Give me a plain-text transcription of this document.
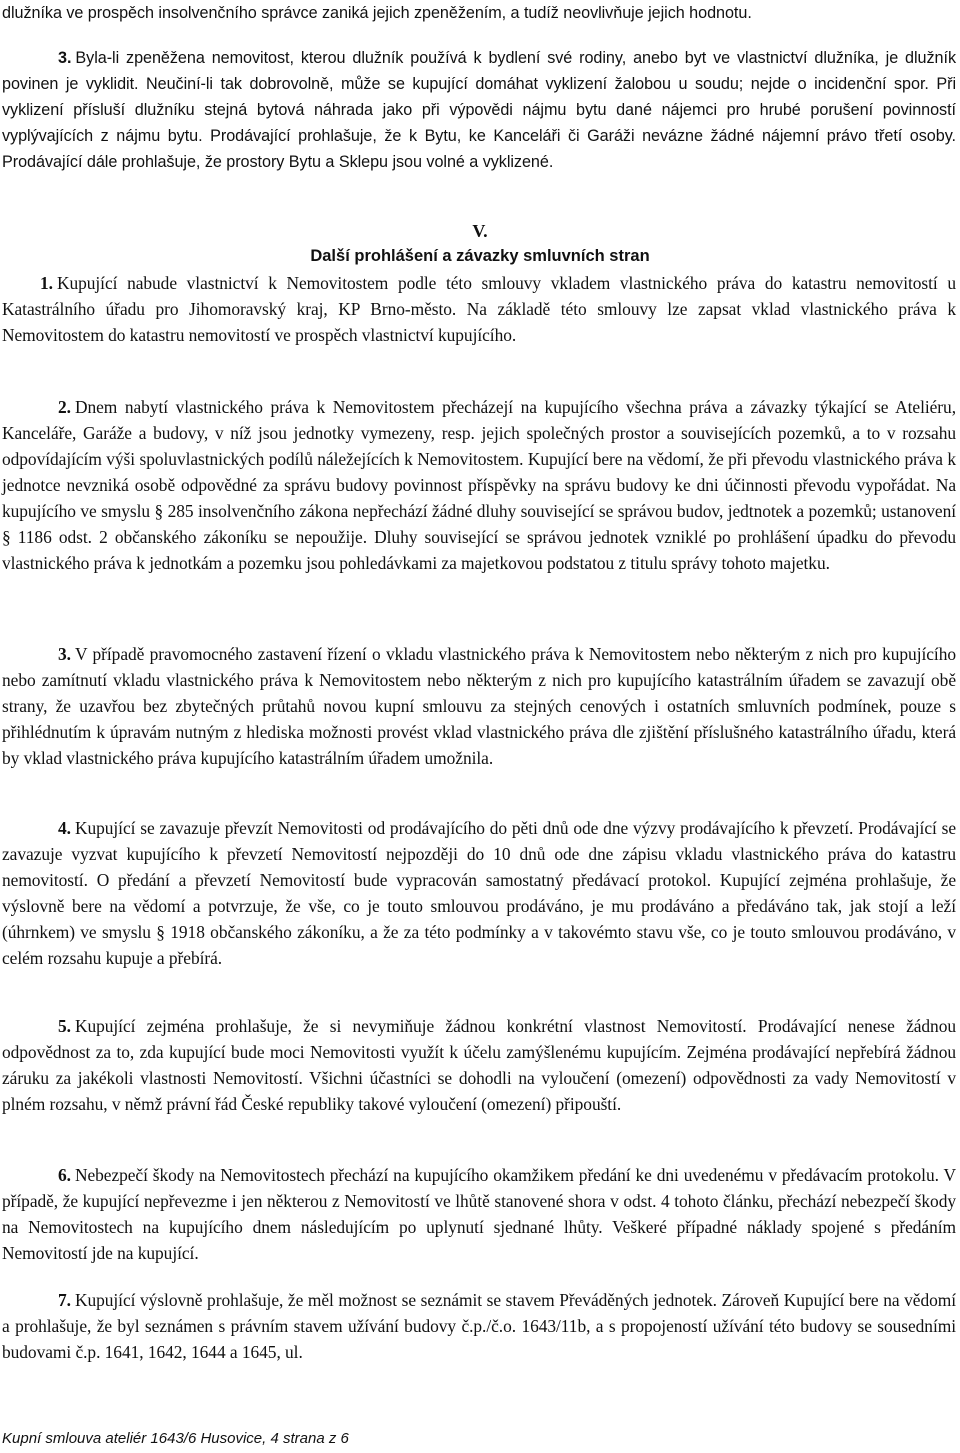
dlužníka ve prospěch insolvenčního správce zaniká jejich zpeněžením, a tudíž neovlivňuje jejich hodnotu.

3. Byla-li zpeněžena nemovitost, kterou dlužník používá k bydlení své rodiny, anebo byt ve vlastnictví dlužníka, je dlužník povinen je vyklidit. Neučiní-li tak dobrovolně, může se kupující domáhat vyklizení žalobou u soudu; nejde o incidenční spor. Při vyklizení přísluší dlužníku stejná bytová náhrada jako při výpovědi nájmu bytu dané nájemci pro hrubé porušení povinností vyplývajících z nájmu bytu. Prodávající prohlašuje, že k Bytu, ke Kanceláři či Garáži neváznе žádné nájemní právo třetí osoby. Prodávající dále prohlašuje, že prostory Bytu a Sklepu jsou volné a vyklizené.

V.

Další prohlášení a závazky smluvních stran

1. Kupující nabude vlastnictví k Nemovitostem podle této smlouvy vkladem vlastnického práva do katastru nemovitostí u Katastrálního úřadu pro Jihomoravský kraj, KP Brno-město. Na základě této smlouvy lze zapsat vklad vlastnického práva k Nemovitostem do katastru nemovitostí ve prospěch vlastnictví kupujícího.

2. Dnem nabytí vlastnického práva k Nemovitostem přecházejí na kupujícího všechna práva a závazky týkající se Ateliéru, Kanceláře, Garáže a budovy, v níž jsou jednotky vymezeny, resp. jejich společných prostor a souvisejících pozemků, a to v rozsahu odpovídajícím výši spoluvlastnických podílů náležejících k Nemovitostem. Kupující bere na vědomí, že při převodu vlastnického práva k jednotce nevzniká osobě odpovědné za správu budovy povinnost příspěvky na správu budovy ke dni účinnosti převodu vypořádat. Na kupujícího ve smyslu § 285 insolvenčního zákona nepřechází žádné dluhy související se správou budov, jedtnotek a pozemků; ustanovení § 1186 odst. 2 občanského zákoníku se nepoužije. Dluhy související se správou jednotek vzniklé po prohlášení úpadku do převodu vlastnického práva k jednotkám a pozemku jsou pohledávkami za majetkovou podstatou z titulu správy tohoto majetku.

3. V případě pravomocného zastavení řízení o vkladu vlastnického práva k Nemovitostem nebo některým z nich pro kupujícího nebo zamítnutí vkladu vlastnického práva k Nemovitostem nebo některým z nich pro kupujícího katastrálním úřadem se zavazují obě strany, že uzavřou bez zbytečných průtahů novou kupní smlouvu za stejných cenových i ostatních smluvních podmínek, pouze s přihlédnutím k úpravám nutným z hlediska možnosti provést vklad vlastnického práva dle zjištění příslušného katastrálního úřadu, která by vklad vlastnického práva kupujícího katastrálním úřadem umožnila.

4. Kupující se zavazuje převzít Nemovitosti od prodávajícího do pěti dnů ode dne výzvy prodávajícího k převzetí. Prodávající se zavazuje vyzvat kupujícího k převzetí Nemovitostí nejpozději do 10 dnů ode dne zápisu vkladu vlastnického práva do katastru nemovitostí. O předání a převzetí Nemovitostí bude vypracován samostatný předávací protokol. Kupující zejména prohlašuje, že výslovně bere na vědomí a potvrzuje, že vše, co je touto smlouvou prodáváno, je mu prodáváno a předáváno tak, jak stojí a leží (úhrnkem) ve smyslu § 1918 občanského zákoníku, a že za této podmínky a v takovémto stavu vše, co je touto smlouvou prodáváno, v celém rozsahu kupuje a přebírá.

5. Kupující zejména prohlašuje, že si nevymiňuje žádnou konkrétní vlastnost Nemovitostí. Prodávající nenese žádnou odpovědnost za to, zda kupující bude moci Nemovitosti využít k účelu zamýšlenému kupujícím. Zejména prodávající nepřebírá žádnou záruku za jakékoli vlastnosti Nemovitostí. Všichni účastníci se dohodli na vyloučení (omezení) odpovědnosti za vady Nemovitostí v plném rozsahu, v němž právní řád České republiky takové vyloučení (omezení) připouští.

6. Nebezpečí škody na Nemovitostech přechází na kupujícího okamžikem předání ke dni uvedenému v předávacím protokolu. V případě, že kupující nepřevezme i jen některou z Nemovitostí ve lhůtě stanovené shora v odst. 4 tohoto článku, přechází nebezpečí škody na Nemovitostech na kupujícího dnem následujícím po uplynutí sjednané lhůty. Veškeré případné náklady spojené s předáním Nemovitostí jde na kupující.

7. Kupující výslovně prohlašuje, že měl možnost se seznámit se stavem Převáděných jednotek. Zároveň Kupující bere na vědomí a prohlašuje, že byl seznámen s právním stavem užívání budovy č.p./č.o. 1643/11b, a s propojeností užívání této budovy se sousedními budovami č.p. 1641, 1642, 1644 a 1645, ul.

Kupní smlouva ateliér 1643/6 Husovice, 4 strana z 6
